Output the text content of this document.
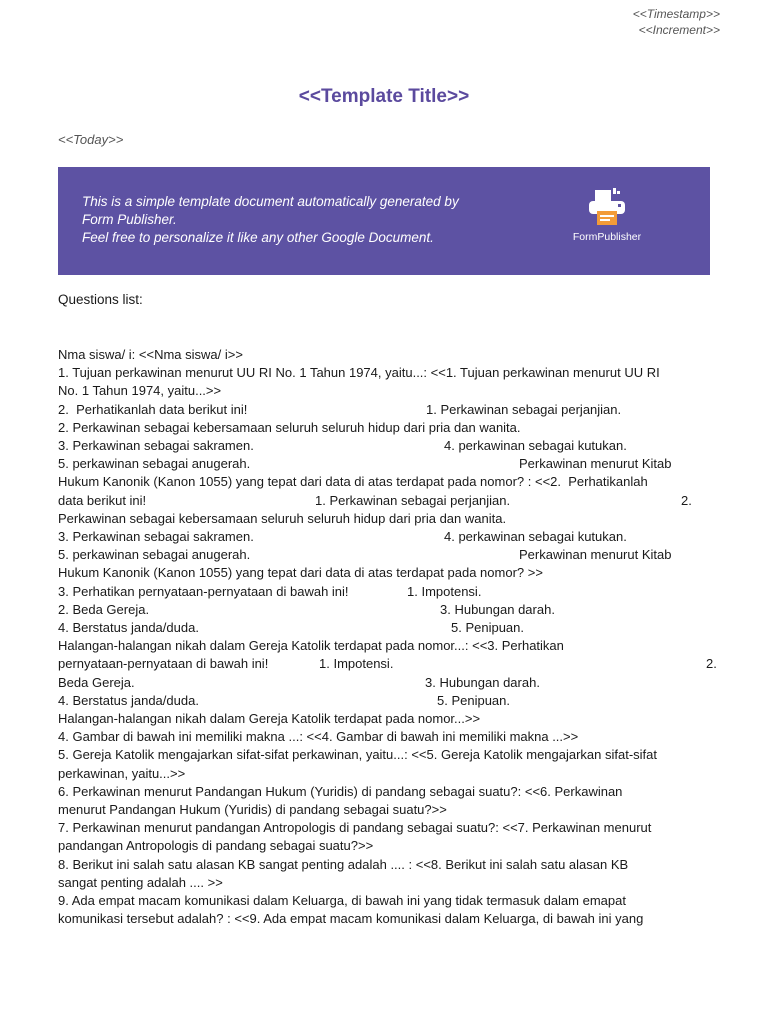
<<Timestamp>>
<<Increment>>
<<Template Title>>
<<Today>>
This is a simple template document automatically generated by
Form Publisher.
Feel free to personalize it like any other Google Document.	FormPublisher
Questions list:
Nma siswa/ i: <<Nma siswa/ i>>
1. Tujuan perkawinan menurut UU RI No. 1 Tahun 1974, yaitu...: <<1. Tujuan perkawinan menurut UU RI
No. 1 Tahun 1974, yaitu...>>
2.  Perhatikanlah data berikut ini!	1. Perkawinan sebagai perjanjian.
2. Perkawinan sebagai kebersamaan seluruh seluruh hidup dari pria dan wanita.
3. Perkawinan sebagai sakramen.	4. perkawinan sebagai kutukan.
5. perkawinan sebagai anugerah.	Perkawinan menurut Kitab
Hukum Kanonik (Kanon 1055) yang tepat dari data di atas terdapat pada nomor? : <<2.  Perhatikanlah
data berikut ini!	1. Perkawinan sebagai perjanjian.	2.
Perkawinan sebagai kebersamaan seluruh seluruh hidup dari pria dan wanita.
3. Perkawinan sebagai sakramen.	4. perkawinan sebagai kutukan.
5. perkawinan sebagai anugerah.	Perkawinan menurut Kitab
Hukum Kanonik (Kanon 1055) yang tepat dari data di atas terdapat pada nomor? >>
3. Perhatikan pernyataan-pernyataan di bawah ini!	1. Impotensi.
2. Beda Gereja.	3. Hubungan darah.
4. Berstatus janda/duda.	5. Penipuan.
Halangan-halangan nikah dalam Gereja Katolik terdapat pada nomor...: <<3. Perhatikan
pernyataan-pernyataan di bawah ini!	1. Impotensi.	2.
Beda Gereja.	3. Hubungan darah.
4. Berstatus janda/duda.	5. Penipuan.
Halangan-halangan nikah dalam Gereja Katolik terdapat pada nomor...>>
4. Gambar di bawah ini memiliki makna ...: <<4. Gambar di bawah ini memiliki makna ...>>
5. Gereja Katolik mengajarkan sifat-sifat perkawinan, yaitu...: <<5. Gereja Katolik mengajarkan sifat-sifat
perkawinan, yaitu...>>
6. Perkawinan menurut Pandangan Hukum (Yuridis) di pandang sebagai suatu?: <<6. Perkawinan
menurut Pandangan Hukum (Yuridis) di pandang sebagai suatu?>>
7. Perkawinan menurut pandangan Antropologis di pandang sebagai suatu?: <<7. Perkawinan menurut
pandangan Antropologis di pandang sebagai suatu?>>
8. Berikut ini salah satu alasan KB sangat penting adalah .... : <<8. Berikut ini salah satu alasan KB
sangat penting adalah .... >>
9. Ada empat macam komunikasi dalam Keluarga, di bawah ini yang tidak termasuk dalam emapat
komunikasi tersebut adalah? : <<9. Ada empat macam komunikasi dalam Keluarga, di bawah ini yang
